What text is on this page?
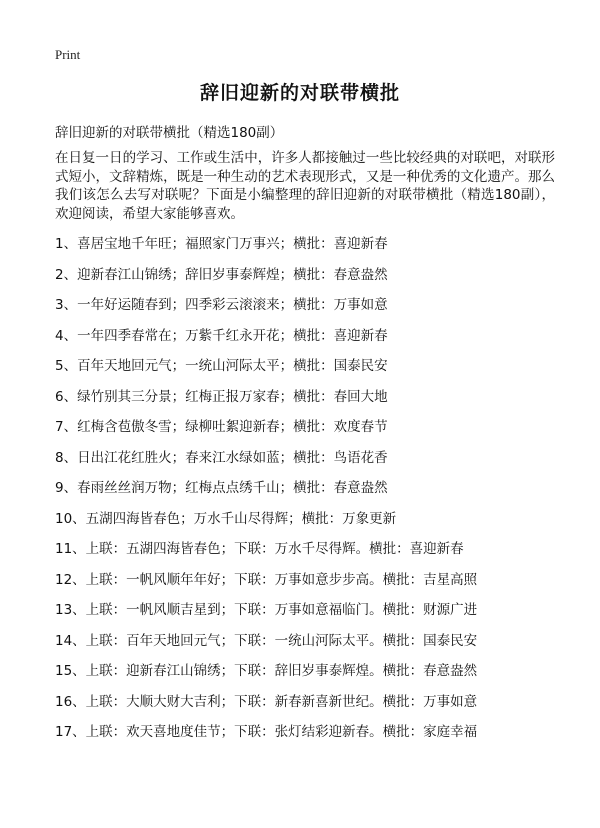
Print
辞旧迎新的对联带横批

辞旧迎新的对联带横批（精选180副）

在日复一日的学习、工作或生活中，许多人都接触过一些比较经典的对联吧，对联形式短小，文辞精炼，既是一种生动的艺术表现形式，又是一种优秀的文化遗产。那么我们该怎么去写对联呢？下面是小编整理的辞旧迎新的对联带横批（精选180副），欢迎阅读，希望大家能够喜欢。

1、喜居宝地千年旺；福照家门万事兴；横批：喜迎新春
2、迎新春江山锦绣；辞旧岁事泰辉煌；横批：春意盎然
3、一年好运随春到；四季彩云滚滚来；横批：万事如意
4、一年四季春常在；万紫千红永开花；横批：喜迎新春
5、百年天地回元气；一统山河际太平；横批：国泰民安
6、绿竹别其三分景；红梅正报万家春；横批：春回大地
7、红梅含苞傲冬雪；绿柳吐絮迎新春；横批：欢度春节
8、日出江花红胜火；春来江水绿如蓝；横批：鸟语花香
9、春雨丝丝润万物；红梅点点绣千山；横批：春意盎然
10、五湖四海皆春色；万水千山尽得辉；横批：万象更新
11、上联：五湖四海皆春色；下联：万水千尽得辉。横批：喜迎新春
12、上联：一帆风顺年年好；下联：万事如意步步高。横批：吉星高照
13、上联：一帆风顺吉星到；下联：万事如意福临门。横批：财源广进
14、上联：百年天地回元气；下联：一统山河际太平。横批：国泰民安
15、上联：迎新春江山锦绣；下联：辞旧岁事泰辉煌。横批：春意盎然
16、上联：大顺大财大吉利；下联：新春新喜新世纪。横批：万事如意
17、上联：欢天喜地度佳节；下联：张灯结彩迎新春。横批：家庭幸福
